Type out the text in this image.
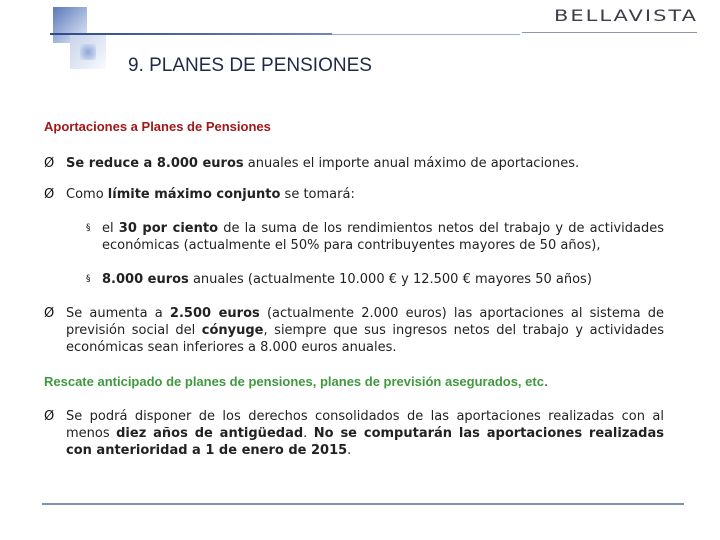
BELLAVISTA
9. PLANES DE PENSIONES
Aportaciones a Planes de Pensiones
Ø Se reduce a 8.000 euros anuales el importe anual máximo de aportaciones.
Ø Como límite máximo conjunto se tomará:
§ el 30 por ciento de la suma de los rendimientos netos del trabajo y de actividades económicas (actualmente el 50% para contribuyentes mayores de 50 años),
§ 8.000 euros anuales (actualmente 10.000 € y 12.500 € mayores 50 años)
Ø Se aumenta a 2.500 euros (actualmente 2.000 euros) las aportaciones al sistema de previsión social del cónyuge, siempre que sus ingresos netos del trabajo y actividades económicas sean inferiores a 8.000 euros anuales.
Rescate anticipado de planes de pensiones, planes de previsión asegurados, etc.
Ø Se podrá disponer de los derechos consolidados de las aportaciones realizadas con al menos diez años de antigüedad. No se computarán las aportaciones realizadas con anterioridad a 1 de enero de 2015.
